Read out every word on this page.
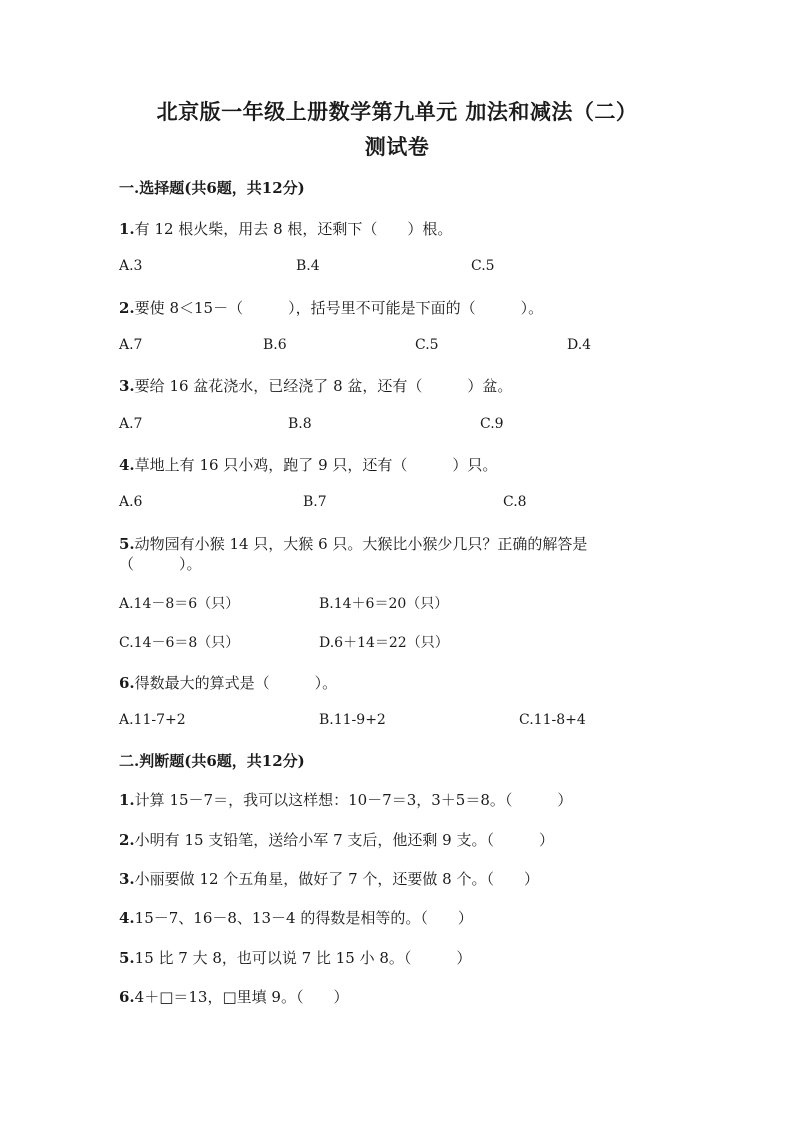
北京版一年级上册数学第九单元 加法和减法（二）
测试卷
一.选择题(共6题，共12分)
1.有 12 根火柴，用去 8 根，还剩下（　　）根。
A.3	B.4	C.5
2.要使 8＜15－（　　　），括号里不可能是下面的（　　　）。
A.7	B.6	C.5	D.4
3.要给 16 盆花浇水，已经浇了 8 盆，还有（　　　）盆。
A.7	B.8	C.9
4.草地上有 16 只小鸡，跑了 9 只，还有（　　　）只。
A.6	B.7	C.8
5.动物园有小猴 14 只，大猴 6 只。大猴比小猴少几只？正确的解答是
（　　　）。
A.14－8＝6（只）	B.14＋6＝20（只）
C.14－6＝8（只）	D.6＋14＝22（只）
6.得数最大的算式是（　　　）。
A.11-7+2	B.11-9+2	C.11-8+4
二.判断题(共6题，共12分)
1.计算 15－7＝，我可以这样想：10－7＝3，3＋5＝8。（　　　）
2.小明有 15 支铅笔，送给小军 7 支后，他还剩 9 支。（　　　）
3.小丽要做 12 个五角星，做好了 7 个，还要做 8 个。（　　）
4.15－7、16－8、13－4 的得数是相等的。（　　）
5.15 比 7 大 8，也可以说 7 比 15 小 8。（　　　）
6.4＋□＝13，□里填 9。（　　）
